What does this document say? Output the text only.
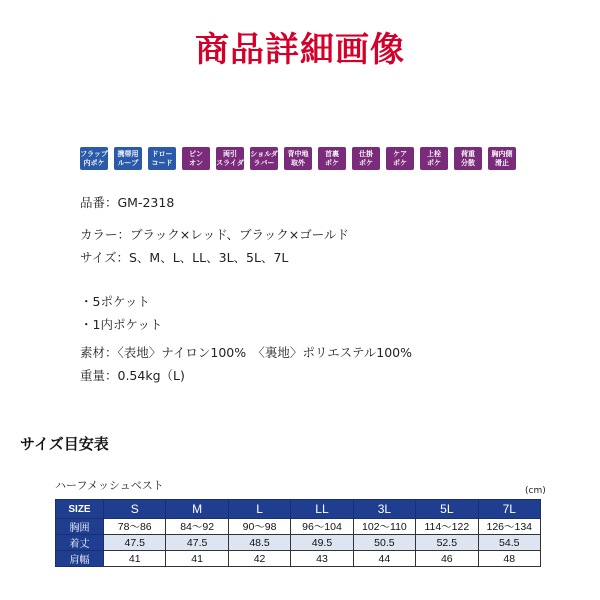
商品詳細画像
フラップ
内ポケ
携帯用
ループ
ドロー
コード
ピン
オン
両引
スライダ
ショルダ
ラバー
背中地
取外
首裏
ポケ
仕掛
ポケ
ケア
ポケ
上栓
ポケ
荷重
分散
胸内側
滑止
品番：GM-2318
カラー：ブラック×レッド、ブラック×ゴールド
サイズ：S、M、L、LL、3L、5L、7L
・5ポケット
・1内ポケット
素材：〈表地〉ナイロン100%　〈裏地〉ポリエステル100%
重量：0.54kg（L)
サイズ目安表
ハーフメッシュベスト	(cm)
SIZE	S	M	L	LL	3L	5L	7L
胸囲	78〜86	84〜92	90〜98	96〜104	102〜110	114〜122	126〜134
着丈	47.5	47.5	48.5	49.5	50.5	52.5	54.5
肩幅	41	41	42	43	44	46	48
